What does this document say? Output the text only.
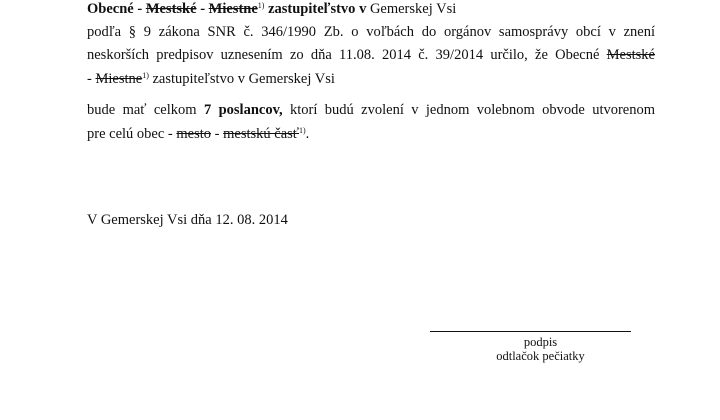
Obecné - Mestské - Miestne$^{1)}$ zastupiteľstvo v Gemerskej Vsi
podľa § 9 zákona SNR č. 346/1990 Zb. o voľbách do orgánov samosprávy obcí v znení
neskorších predpisov uznesením zo dňa 11.08. 2014 č. 39/2014 určilo, že Obecné Mestské
- Miestne$^{1)}$ zastupiteľstvo v Gemerskej Vsi
bude mať celkom 7 poslancov, ktorí budú zvolení v jednom volebnom obvode utvorenom
pre celú obec - mesto - mestskú časť$^{1)}$.
V Gemerskej Vsi dňa 12. 08. 2014
podpis
odtlačok pečiatky
